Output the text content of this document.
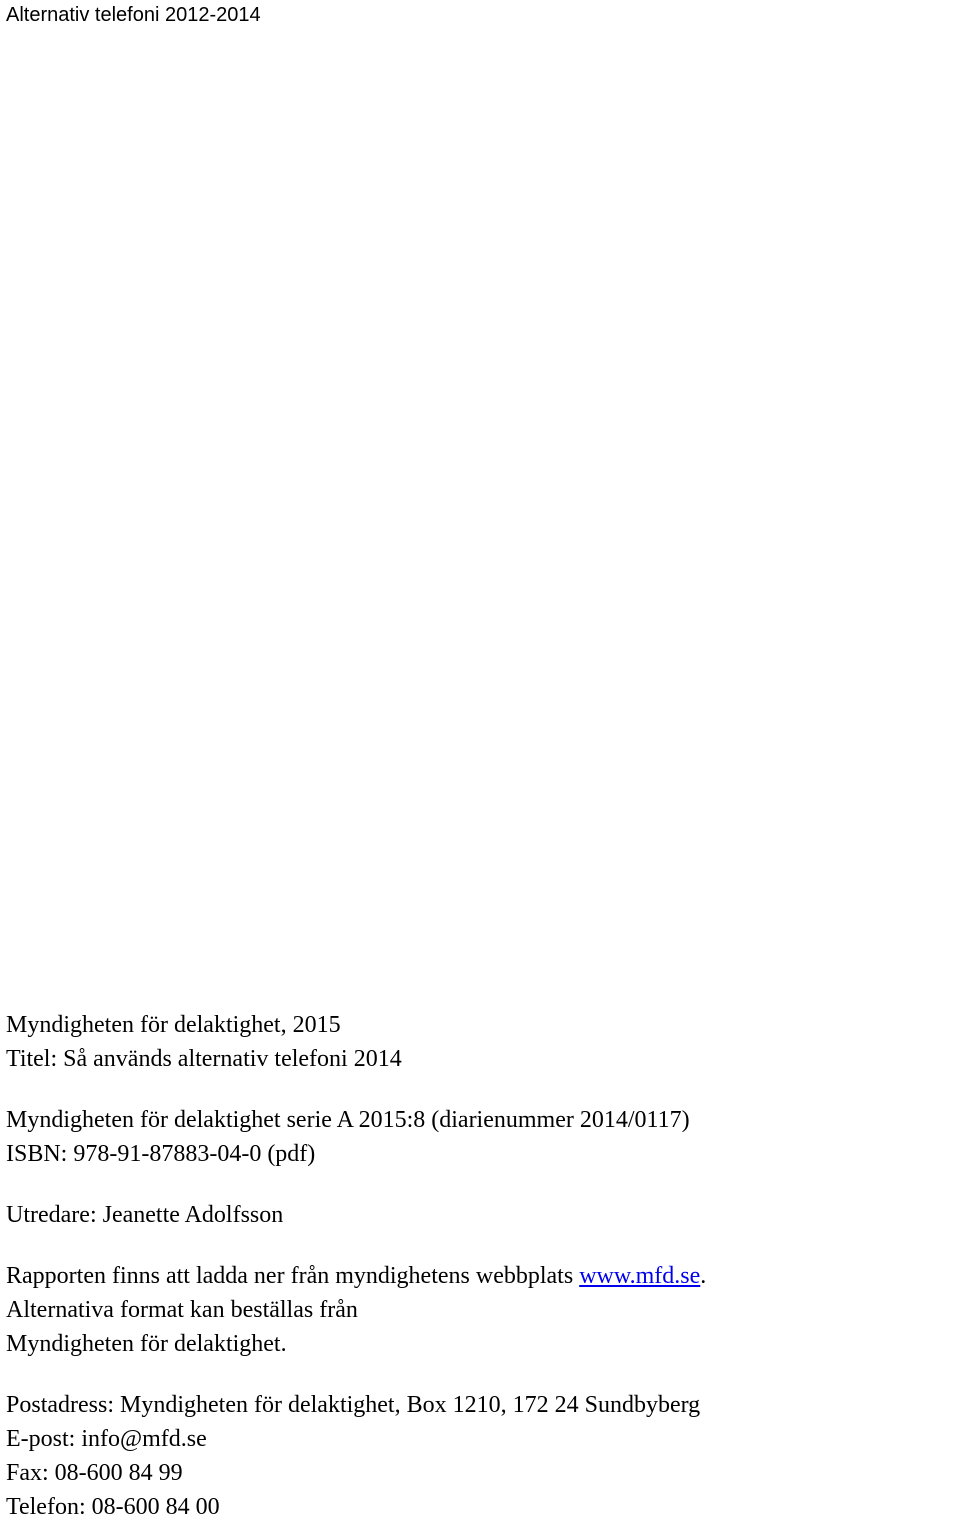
Alternativ telefoni 2012-2014
Myndigheten för delaktighet, 2015
Titel: Så används alternativ telefoni 2014
Myndigheten för delaktighet serie A 2015:8 (diarienummer 2014/0117)
ISBN: 978-91-87883-04-0 (pdf)
Utredare: Jeanette Adolfsson
Rapporten finns att ladda ner från myndighetens webbplats www.mfd.se.
Alternativa format kan beställas från
Myndigheten för delaktighet.
Postadress: Myndigheten för delaktighet, Box 1210, 172 24 Sundbyberg
E-post: info@mfd.se
Fax: 08-600 84 99
Telefon: 08-600 84 00
